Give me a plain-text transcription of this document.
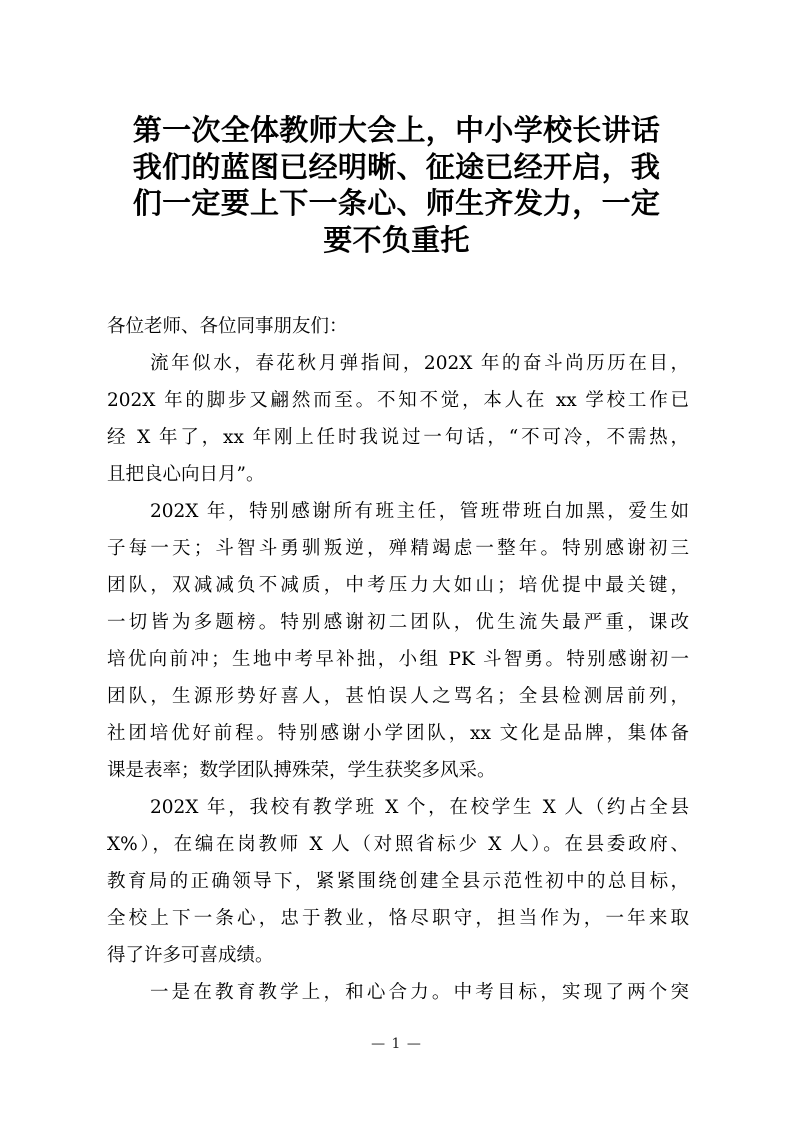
第一次全体教师大会上，中小学校长讲话
我们的蓝图已经明晰、征途已经开启，我
们一定要上下一条心、师生齐发力，一定
要不负重托
各位老师、各位同事朋友们：
流年似水，春花秋月弹指间，202X 年的奋斗尚历历在目，
202X 年的脚步又翩然而至。不知不觉，本人在 xx 学校工作已
经 X 年了，xx 年刚上任时我说过一句话，“不可冷，不需热，
且把良心向日月”。
202X 年，特别感谢所有班主任，管班带班白加黑，爱生如
子每一天；斗智斗勇驯叛逆，殚精竭虑一整年。特别感谢初三
团队，双减减负不减质，中考压力大如山；培优提中最关键，
一切皆为多题榜。特别感谢初二团队，优生流失最严重，课改
培优向前冲；生地中考早补拙，小组 PK 斗智勇。特别感谢初一
团队，生源形势好喜人，甚怕误人之骂名；全县检测居前列，
社团培优好前程。特别感谢小学团队，xx 文化是品牌，集体备
课是表率；数学团队搏殊荣，学生获奖多风采。
202X 年，我校有教学班 X 个，在校学生 X 人（约占全县
X%），在编在岗教师 X 人（对照省标少 X 人）。在县委政府、
教育局的正确领导下，紧紧围绕创建全县示范性初中的总目标，
全校上下一条心，忠于教业，恪尽职守，担当作为，一年来取
得了许多可喜成绩。
一是在教育教学上，和心合力。中考目标，实现了两个突
— 1 —
